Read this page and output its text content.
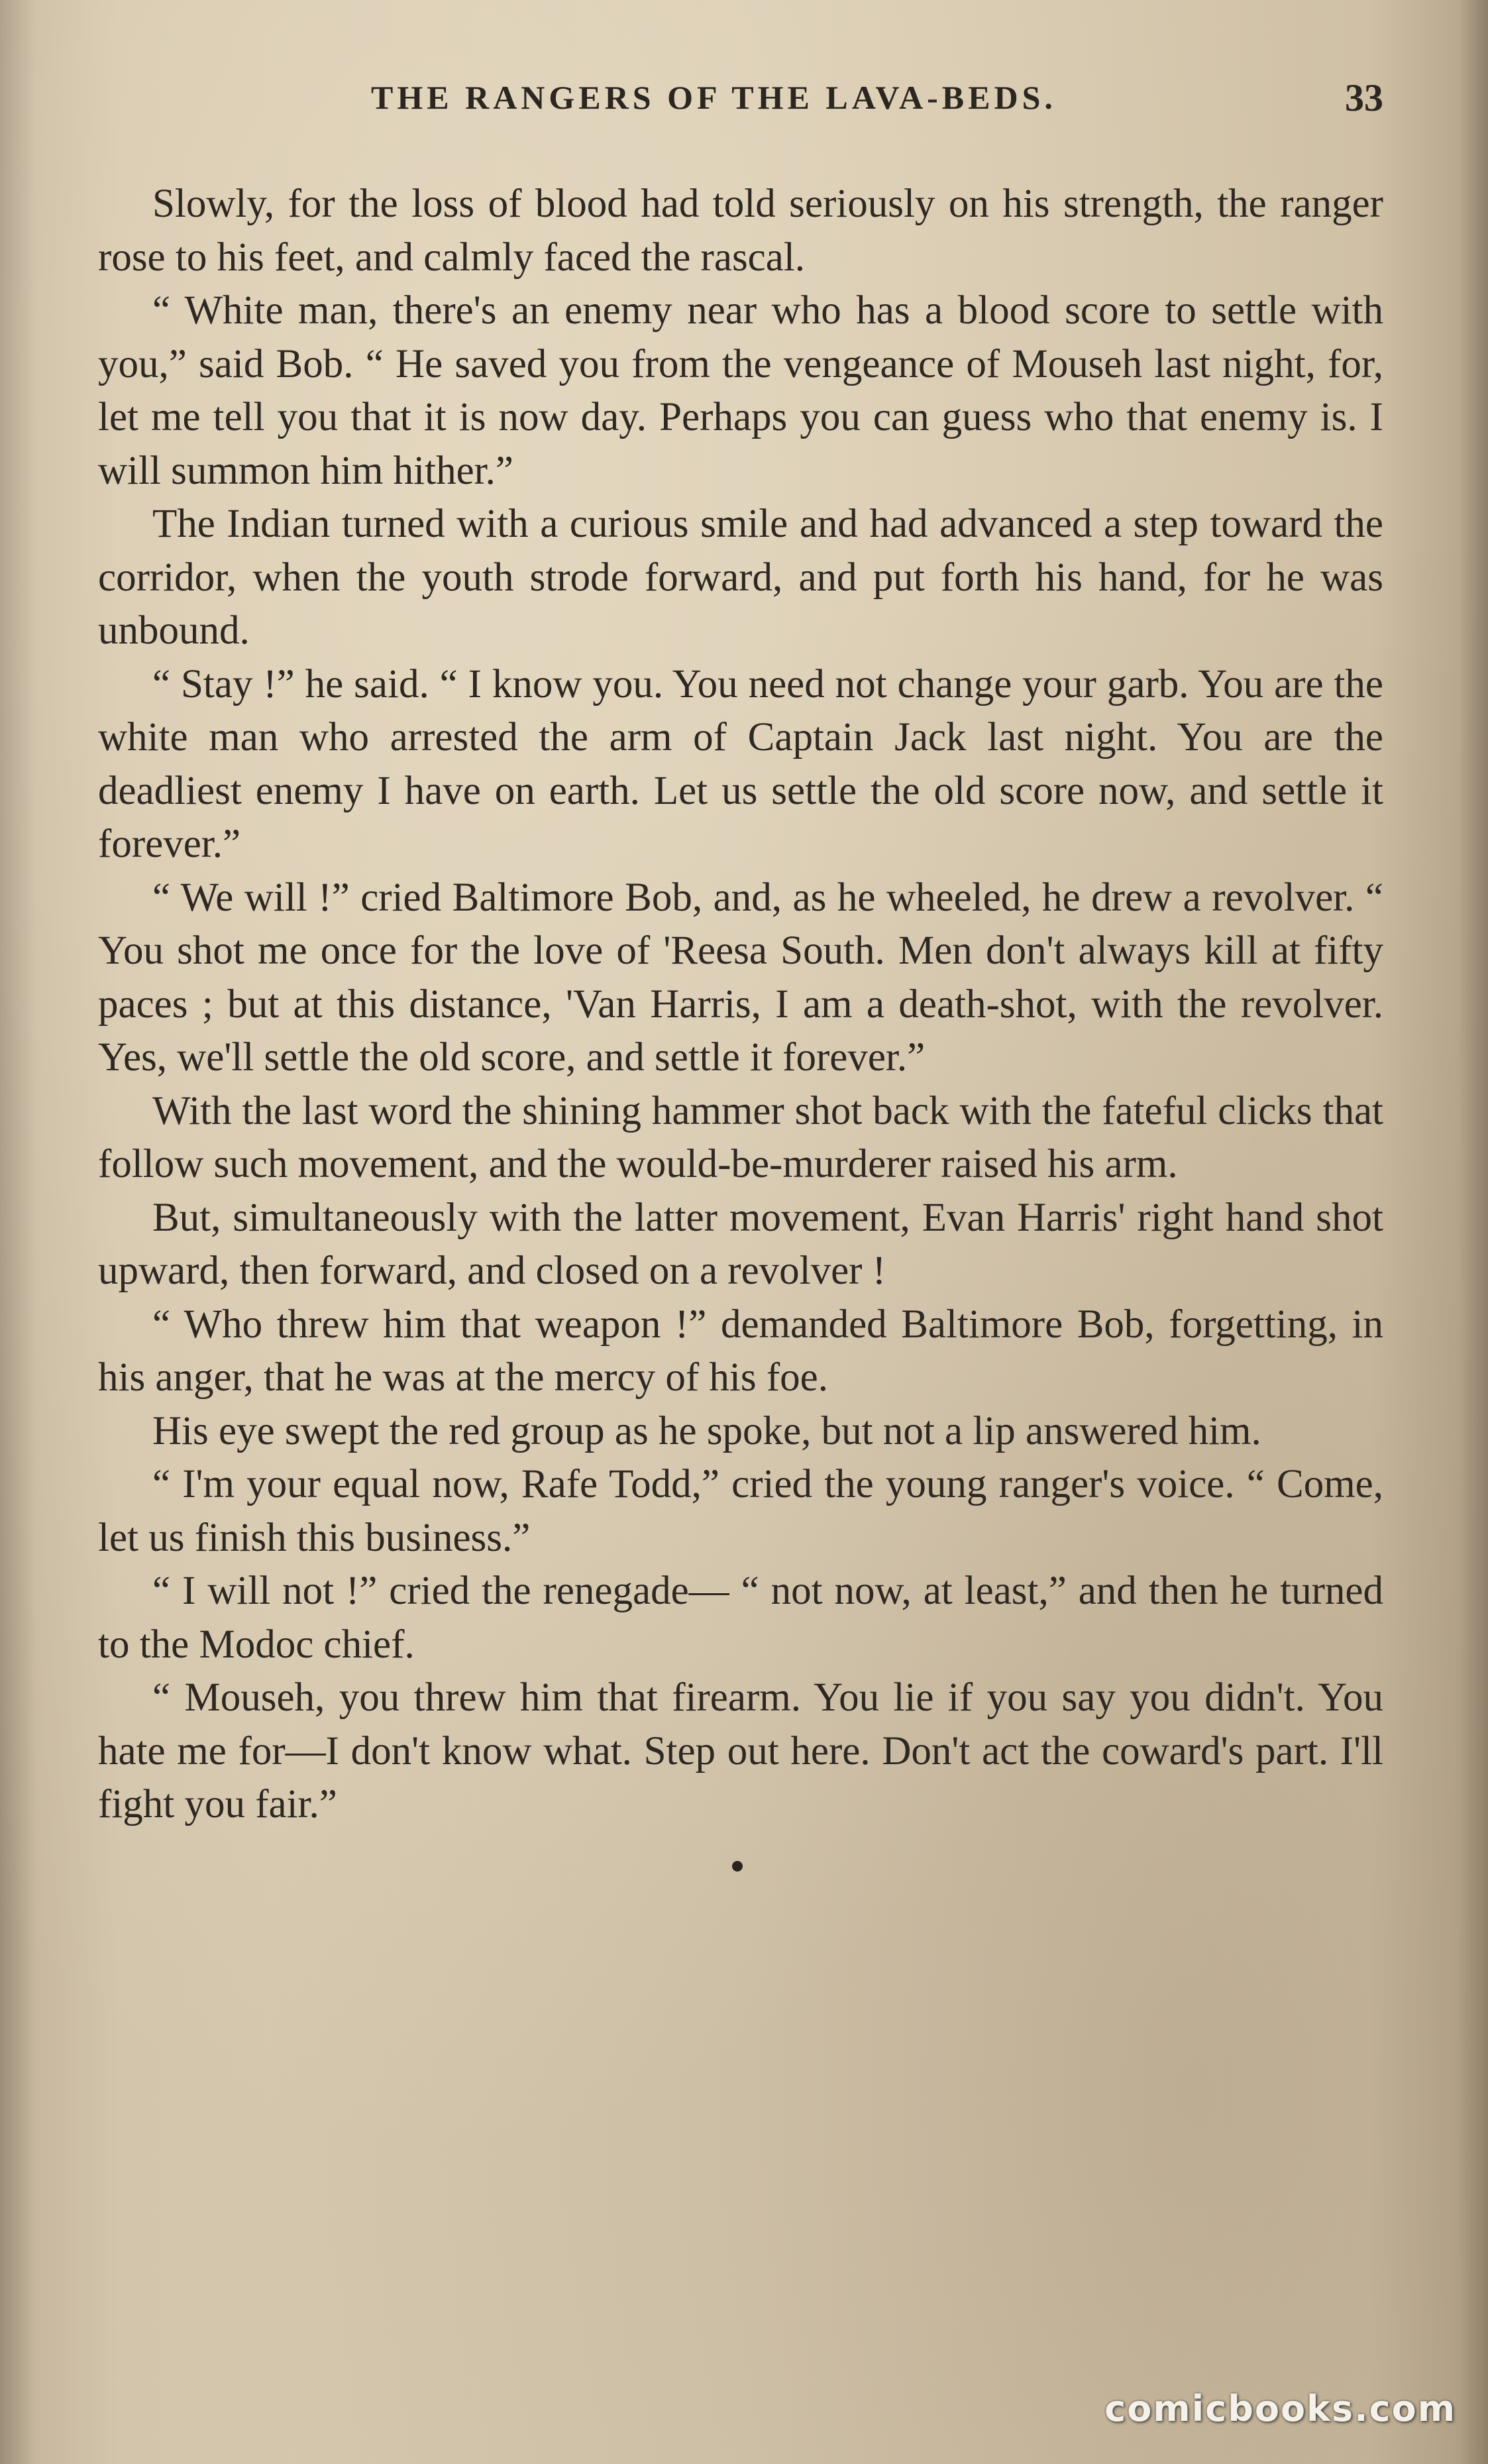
THE RANGERS OF THE LAVA-BEDS.	33

Slowly, for the loss of blood had told seriously on his strength, the ranger rose to his feet, and calmly faced the rascal.

“ White man, there's an enemy near who has a blood score to settle with you,” said Bob. “ He saved you from the vengeance of Mouseh last night, for, let me tell you that it is now day. Perhaps you can guess who that enemy is. I will summon him hither.”

The Indian turned with a curious smile and had advanced a step toward the corridor, when the youth strode forward, and put forth his hand, for he was unbound.

“ Stay !” he said. “ I know you. You need not change your garb. You are the white man who arrested the arm of Captain Jack last night. You are the deadliest enemy I have on earth. Let us settle the old score now, and settle it forever.”

“ We will !” cried Baltimore Bob, and, as he wheeled, he drew a revolver. “ You shot me once for the love of 'Reesa South. Men don't always kill at fifty paces ; but at this distance, 'Van Harris, I am a death-shot, with the revolver. Yes, we'll settle the old score, and settle it forever.”

With the last word the shining hammer shot back with the fateful clicks that follow such movement, and the would-be-murderer raised his arm.

But, simultaneously with the latter movement, Evan Harris' right hand shot upward, then forward, and closed on a revolver !

“ Who threw him that weapon !” demanded Baltimore Bob, forgetting, in his anger, that he was at the mercy of his foe.

His eye swept the red group as he spoke, but not a lip answered him.

“ I'm your equal now, Rafe Todd,” cried the young ranger's voice. “ Come, let us finish this business.”

“ I will not !” cried the renegade— “ not now, at least,” and then he turned to the Modoc chief.

“ Mouseh, you threw him that firearm. You lie if you say you didn't. You hate me for—I don't know what. Step out here. Don't act the coward's part. I'll fight you fair.”

comicbooks.com
